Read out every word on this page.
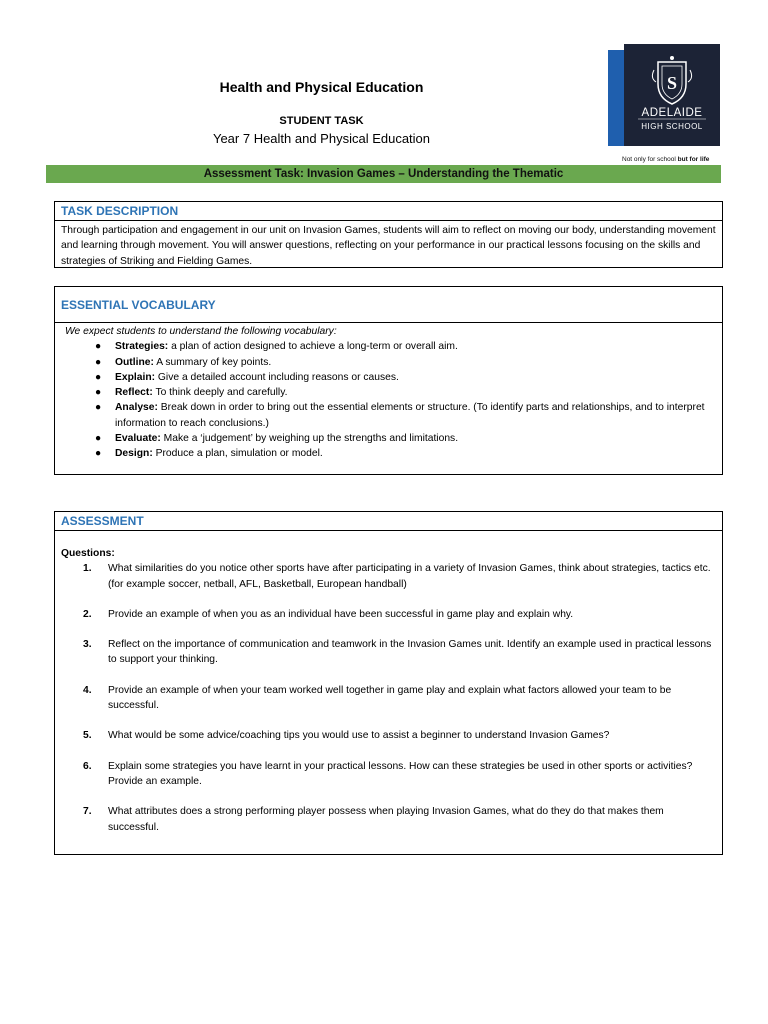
Health and Physical Education
STUDENT TASK
Year 7 Health and Physical Education
S
ADELAIDE
HIGH SCHOOL
Not only for school but for life
Assessment Task: Invasion Games – Understanding the Thematic
TASK DESCRIPTION
Through participation and engagement in our unit on Invasion Games, students will aim to reflect on moving our body, understanding movement and learning through movement. You will answer questions, reflecting on your performance in our practical lessons focusing on the skills and strategies of Striking and Fielding Games.
ESSENTIAL VOCABULARY
We expect students to understand the following vocabulary:
● Strategies: a plan of action designed to achieve a long-term or overall aim.
● Outline: A summary of key points.
● Explain: Give a detailed account including reasons or causes.
● Reflect: To think deeply and carefully.
● Analyse: Break down in order to bring out the essential elements or structure. (To identify parts and relationships, and to interpret information to reach conclusions.)
● Evaluate: Make a ‘judgement’ by weighing up the strengths and limitations.
● Design: Produce a plan, simulation or model.
ASSESSMENT
Questions:
1. What similarities do you notice other sports have after participating in a variety of Invasion Games, think about strategies, tactics etc. (for example soccer, netball, AFL, Basketball, European handball)
2. Provide an example of when you as an individual have been successful in game play and explain why.
3. Reflect on the importance of communication and teamwork in the Invasion Games unit. Identify an example used in practical lessons to support your thinking.
4. Provide an example of when your team worked well together in game play and explain what factors allowed your team to be successful.
5. What would be some advice/coaching tips you would use to assist a beginner to understand Invasion Games?
6. Explain some strategies you have learnt in your practical lessons. How can these strategies be used in other sports or activities? Provide an example.
7. What attributes does a strong performing player possess when playing Invasion Games, what do they do that makes them successful.
